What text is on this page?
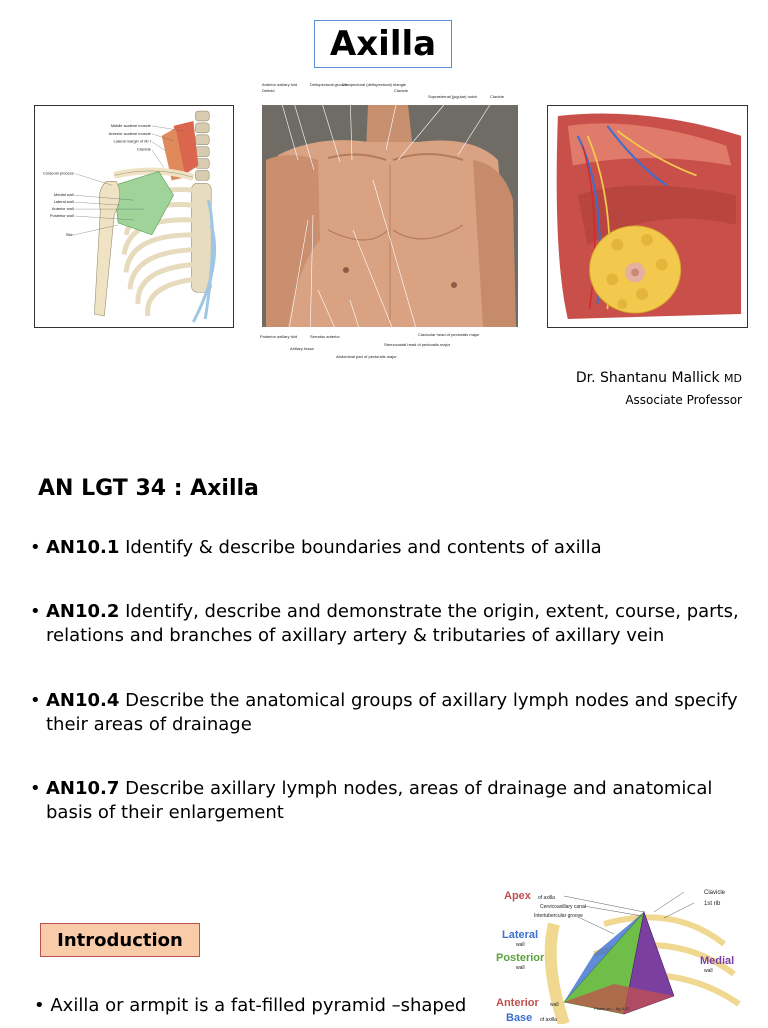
Axilla
Middle scalene muscle
Anterior scalene muscle
Lateral margin of rib I
Clavicle
Coracoid process
Medial wall
Lateral wall
Anterior wall
Posterior wall
Skin
Anterior axillary fold
Deltoid
Deltopectoral groove
Clavipectoral (deltopectoral) triangle
Clavicle
Suprasternal (jugular) notch	Clavicle
Posterior axillary fold
Axillary fossa
Serratus anterior
Sternocostal head of pectoralis major
Abdominal part of pectoralis major
Clavicular head of pectoralis major
Dr. Shantanu Mallick MD
Associate Professor
AN LGT 34 : Axilla
• AN10.1 Identify & describe boundaries and contents of axilla
• AN10.2 Identify, describe and demonstrate the origin, extent, course, parts, relations and branches of axillary artery & tributaries of axillary vein
• AN10.4 Describe the anatomical groups of axillary lymph nodes and specify their areas of drainage
• AN10.7 Describe axillary lymph nodes, areas of drainage and anatomical basis of their enlargement
Introduction
Apex of axilla
Cervicoaxillary canal
Intertubercular groove
Lateral
wall
Posterior
wall
Medial
wall
Anterior wall
Base of axilla
Clavicle
1st rib
Plates on ... fig 4.37
• Axilla or armpit is a fat-filled pyramid –shaped
